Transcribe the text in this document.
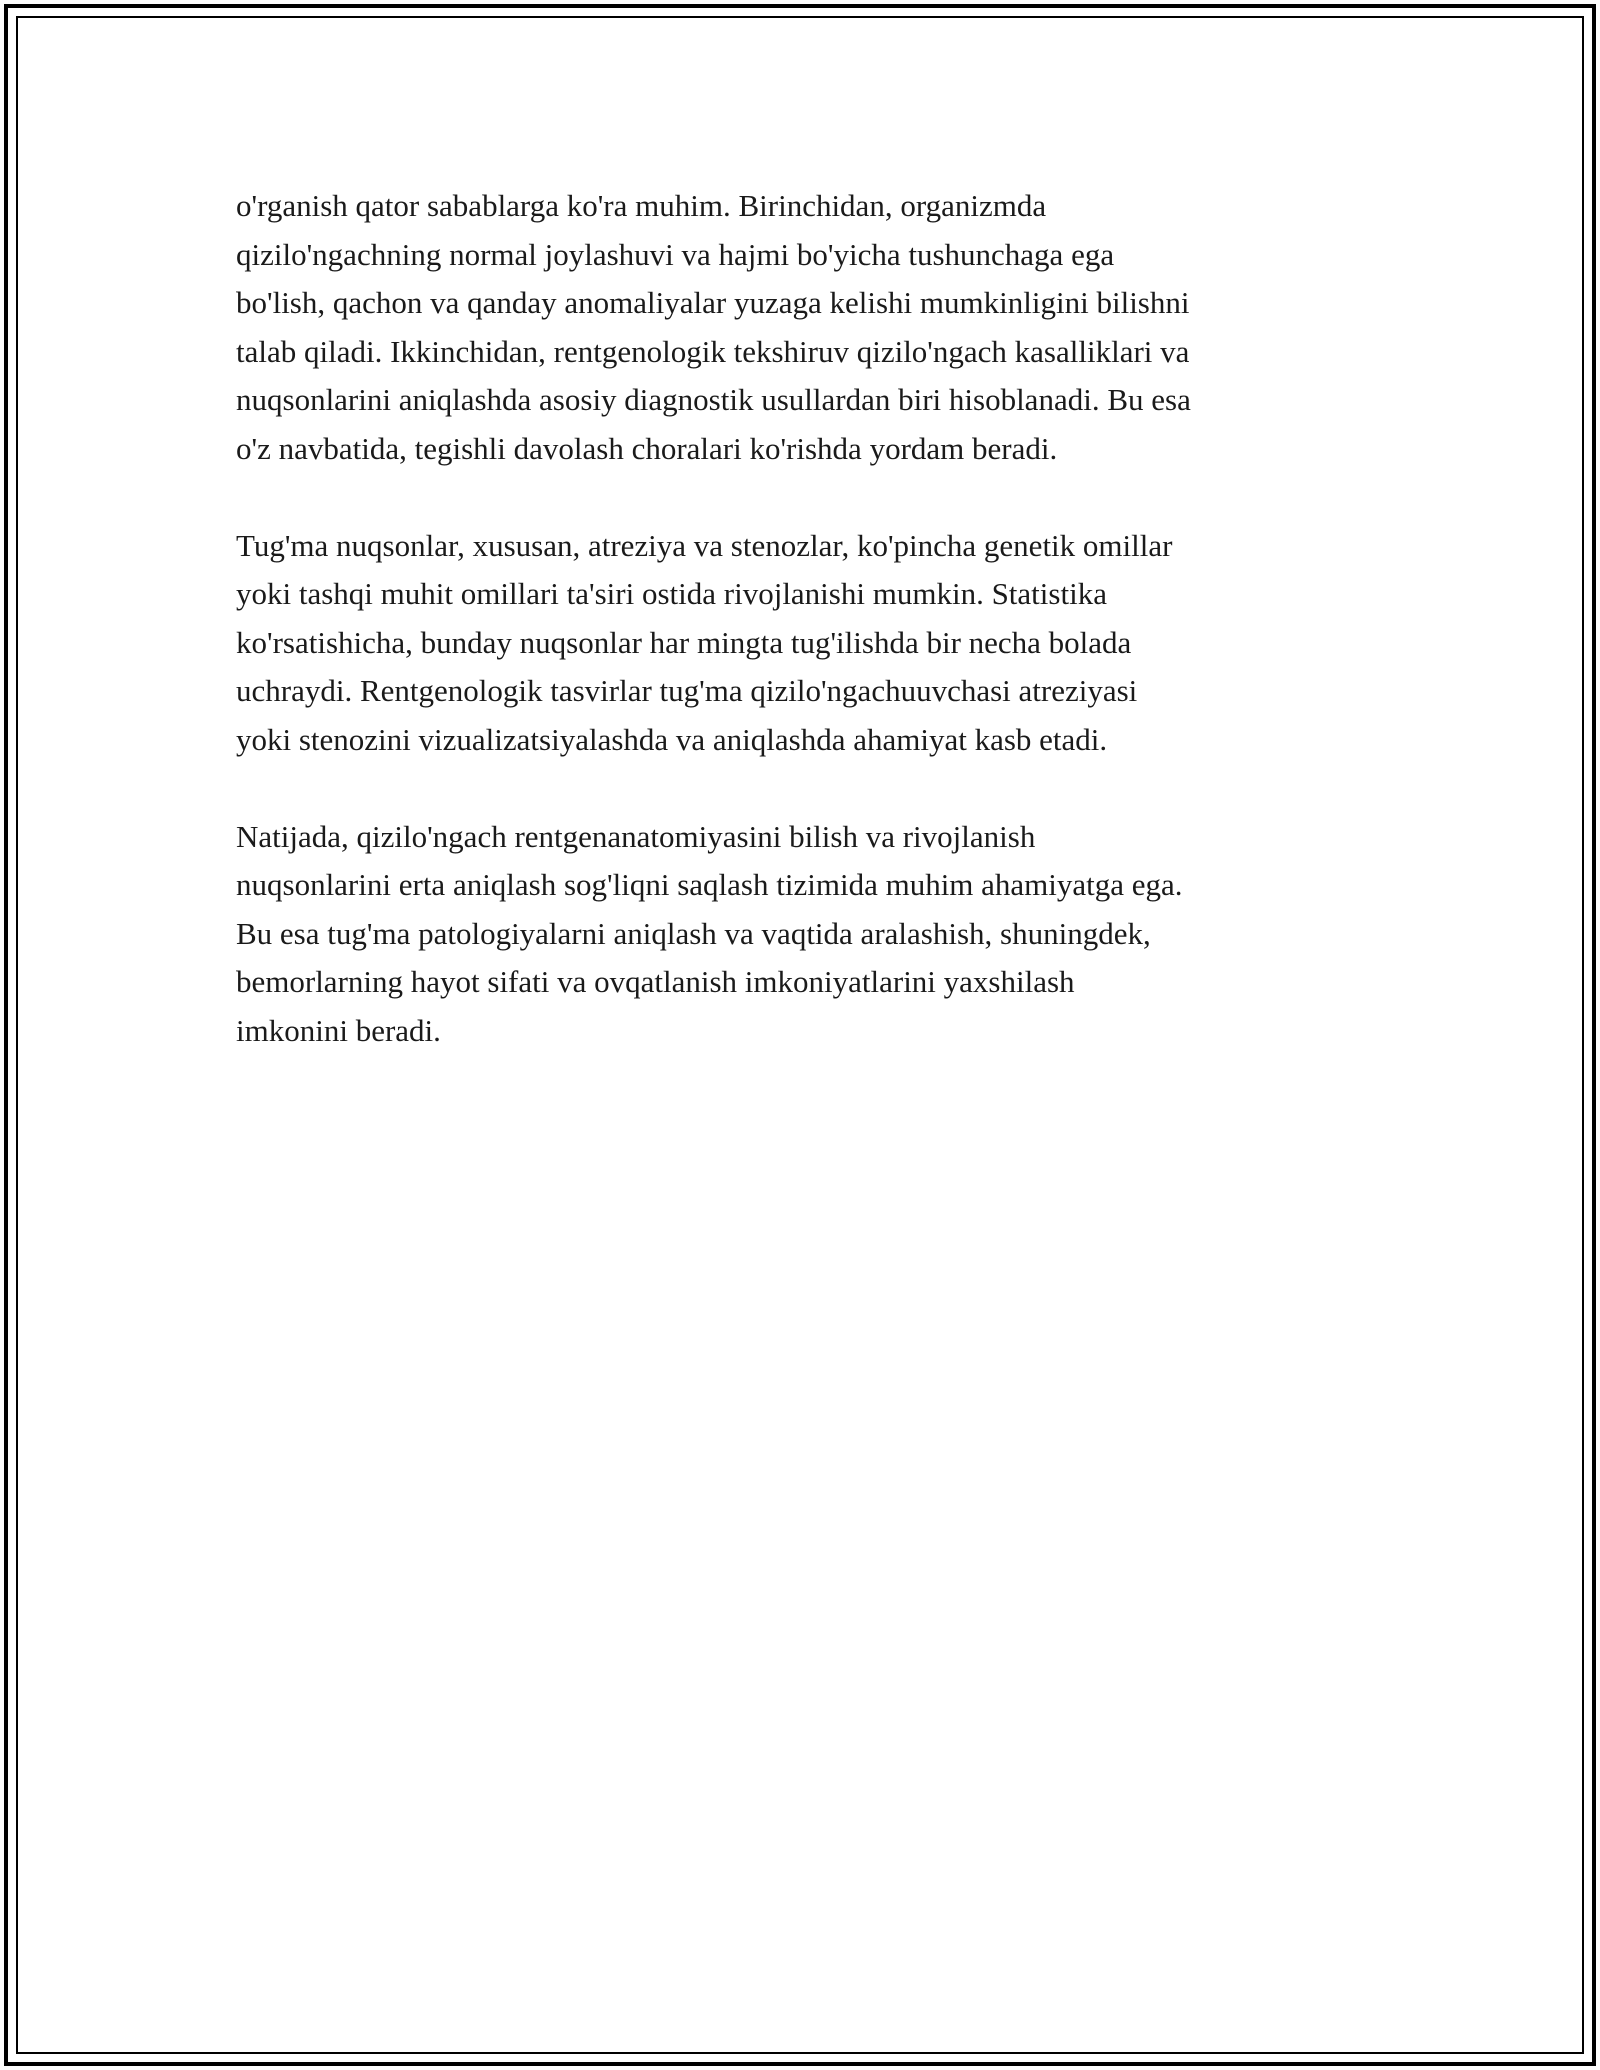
o'rganish qator sabablarga ko'ra muhim. Birinchidan, organizmda
qizilo'ngachning normal joylashuvi va hajmi bo'yicha tushunchaga ega
bo'lish, qachon va qanday anomaliyalar yuzaga kelishi mumkinligini bilishni
talab qiladi. Ikkinchidan, rentgenologik tekshiruv qizilo'ngach kasalliklari va
nuqsonlarini aniqlashda asosiy diagnostik usullardan biri hisoblanadi. Bu esa
o'z navbatida, tegishli davolash choralari ko'rishda yordam beradi.

Tug'ma nuqsonlar, xususan, atreziya va stenozlar, ko'pincha genetik omillar
yoki tashqi muhit omillari ta'siri ostida rivojlanishi mumkin. Statistika
ko'rsatishicha, bunday nuqsonlar har mingta tug'ilishda bir necha bolada
uchraydi. Rentgenologik tasvirlar tug'ma qizilo'ngachuuvchasi atreziyasi
yoki stenozini vizualizatsiyalashda va aniqlashda ahamiyat kasb etadi.

Natijada, qizilo'ngach rentgenanatomiyasini bilish va rivojlanish
nuqsonlarini erta aniqlash sog'liqni saqlash tizimida muhim ahamiyatga ega.
Bu esa tug'ma patologiyalarni aniqlash va vaqtida aralashish, shuningdek,
bemorlarning hayot sifati va ovqatlanish imkoniyatlarini yaxshilash
imkonini beradi.
